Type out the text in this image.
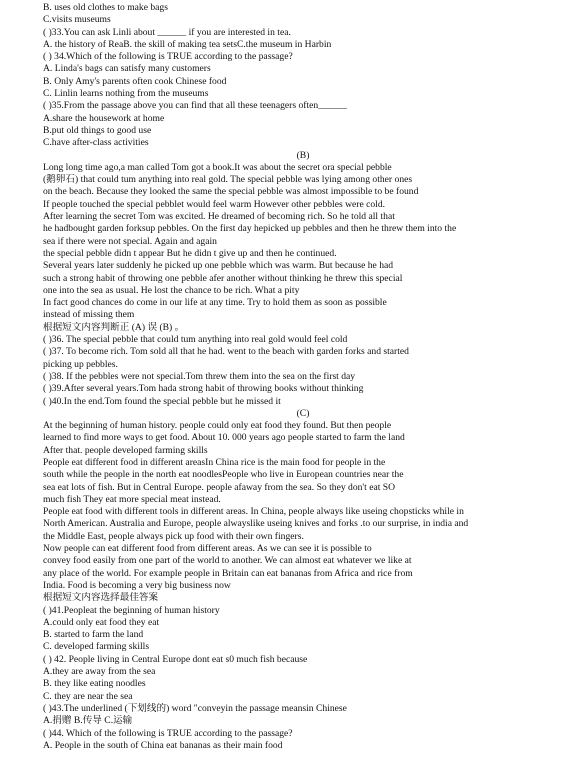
B. uses old clothes to make bags
C.visits museums
( )33.You can ask Linli about ______ if you are interested in tea.
A. the history of ReaB. the skill of making tea setsC.the museum in Harbin
( ) 34.Which of the following is TRUE according to the passage?
A. Linda's bags can satisfy many customers
B. Only Amy's parents often cook Chinese food
C. Linlin learns nothing from the museums
( )35.From the passage above you can find that all these teenagers often______
A.share the housework at home
B.put old things to good use
C.have after-class activities
(B)
Long long time ago,a man called Tom got a book.It was about the secret ora special pebble
(鹅卵石) that could tum anything into real gold. The special pebble was lying among other ones
on the beach. Because they looked the same the special pebble was almost impossible to be found
If people touched the special pebblet would feel warm However other pebbles were cold.
After learning the secret Tom was excited. He dreamed of becoming rich. So he told all that
he hadbought garden forksup pebbles. On the first day hepicked up pebbles and then he threw them into the
sea if there were not special. Again and again
the special pebble didn t appear But he didn t give up and then he continued.
Several years later suddenly he picked up one pebble which was warm. But because he had
such a strong habit of throwing one pebble afer another without thinking he threw this special
one into the sea as usual. He lost the chance to be rich. What a pity
In fact good chances do come in our life at any time. Try to hold them as soon as possible
instead of missing them
根据短文内容判断正 (A) 误 (B) 。
( )36. The special pebble that could tum anything into real gold would feel cold
( )37. To become rich. Tom sold all that he had. went to the beach with garden forks and started
picking up pebbles.
( )38. If the pebbles were not special.Tom threw them into the sea on the first day
( )39.After several years.Tom hada strong habit of throwing books without thinking
( )40.In the end.Tom found the special pebble but he missed it
(C)
At the beginning of human history. people could only eat food they found. But then people
learned to find more ways to get food. About 10. 000 years ago people started to farm the land
After that. people developed farming skills
People eat different food in different areasIn China rice is the main food for people in the
south while the people in the north eat noodlesPeople who live in European countries near the
sea eat lots of fish. But in Central Europe. people afaway from the sea. So they don't eat SO
much fish They eat more special meat instead.
People eat food with different tools in different areas. In China, people always like useing chopsticks while in
North American. Australia and Europe, people alwayslike useing knives and forks .to our surprise, in india and
the Middle East, people always pick up food with their own fingers.
Now people can eat different food from different areas. As we can see it is possible to
convey food easily from one part of the world to another. We can almost eat whatever we like at
any place of the world. For example people in Britain can eat bananas from Africa and rice from
India. Food is becoming a very big business now
根据短文内容选择最佳答案
( )41.Peopleat the beginning of human history
A.could only eat food they eat
B. started to farm the land
C. developed farming skills
( ) 42. People living in Central Europe dont eat s0 much fish because
A.they are away from the sea
B. they like eating noodles
C. they are near the sea
( )43.The underlined (下划线的) word "conveyin the passage meansin Chinese
A.捐赠 B.传导 C.运输
( )44. Which of the following is TRUE according to the passage?
A. People in the south of China eat bananas as their main food
